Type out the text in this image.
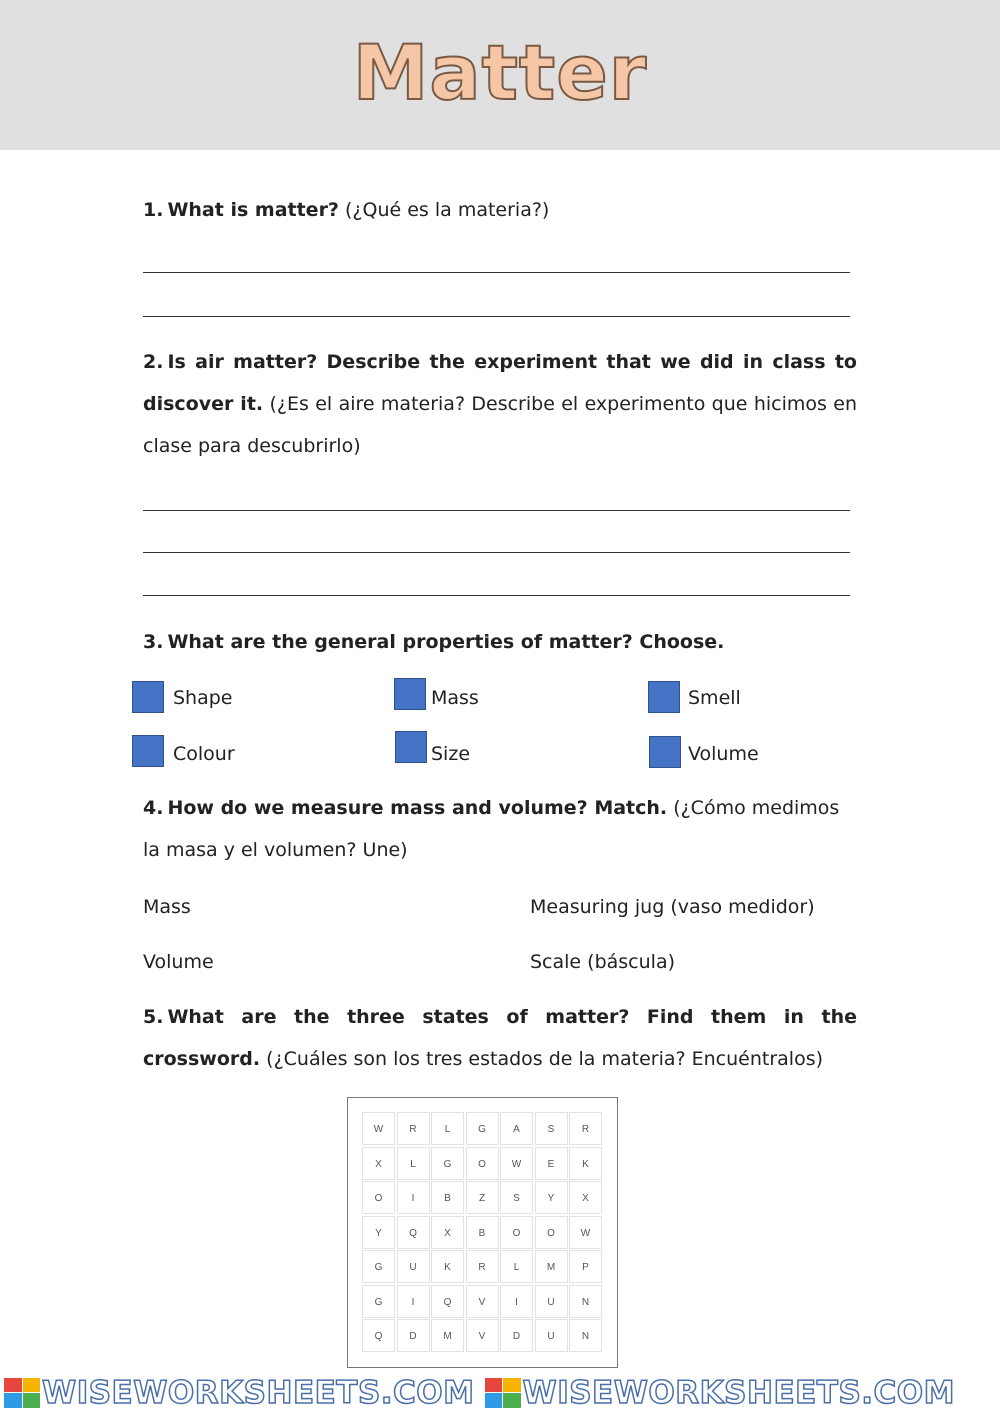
Matter
1. What is matter? (¿Qué es la materia?)
2. Is air matter? Describe the experiment that we did in class to discover it. (¿Es el aire materia? Describe el experimento que hicimos en clase para descubrirlo)
3. What are the general properties of matter? Choose.
Shape	Mass	Smell
Colour	Size	Volume
4. How do we measure mass and volume? Match. (¿Cómo medimos la masa y el volumen? Une)
Mass	Measuring jug (vaso medidor)
Volume	Scale (báscula)
5. What are the three states of matter? Find them in the crossword. (¿Cuáles son los tres estados de la materia? Encuéntralos)
W	R	L	G	A	S	R
X	L	G	O	W	E	K
O	I	B	Z	S	Y	X
Y	Q	X	B	O	O	W
G	U	K	R	L	M	P
G	I	Q	V	I	U	N
Q	D	M	V	D	U	N
WISEWORKSHEETS.COM WISEWORKSHEETS.COM
